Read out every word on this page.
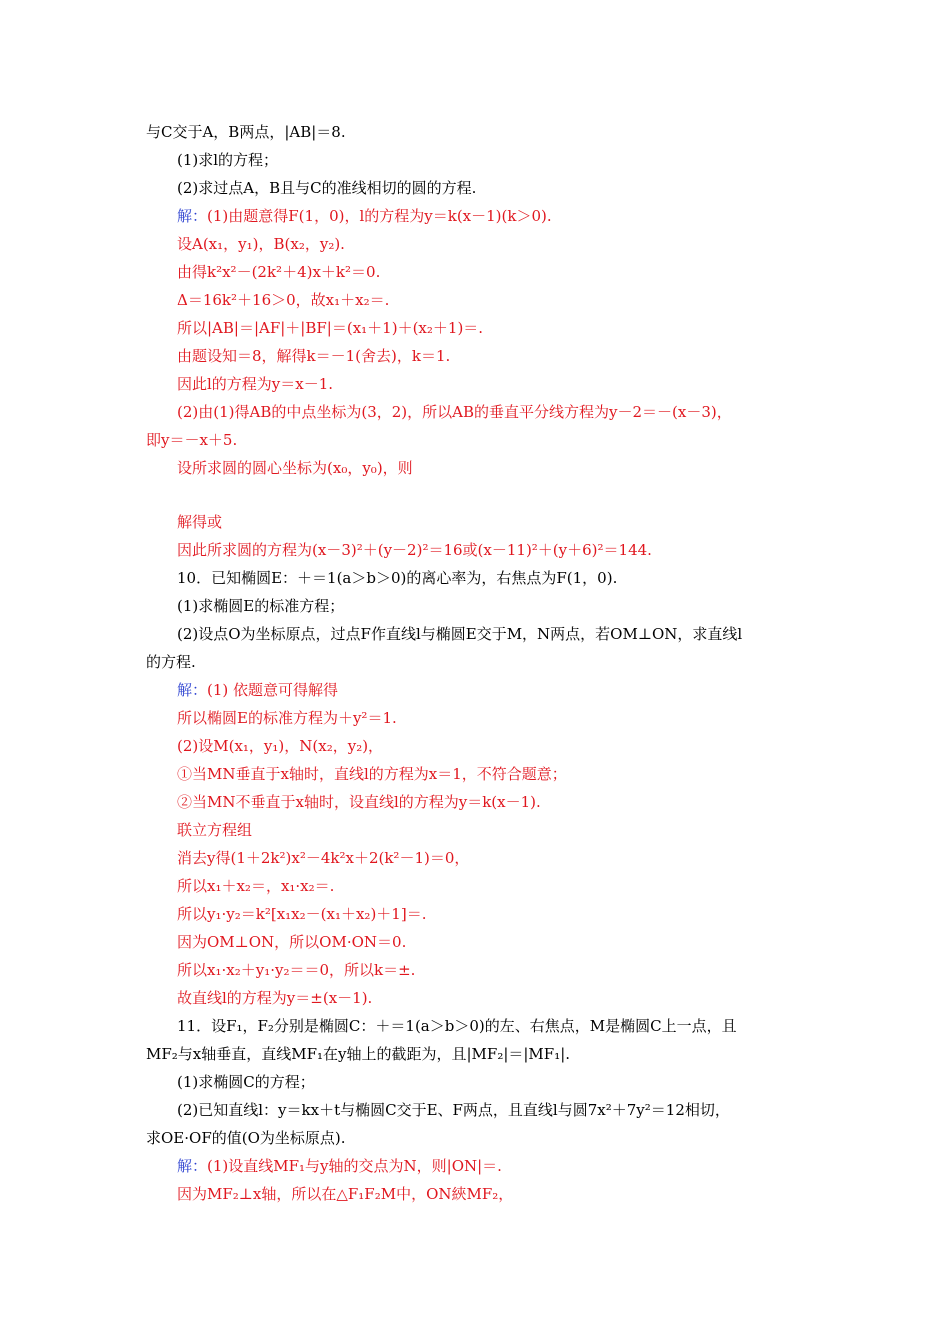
与C交于A，B两点，|AB|＝8.
(1)求l的方程；
(2)求过点A，B且与C的准线相切的圆的方程.
解：(1)由题意得F(1，0)，l的方程为y＝k(x－1)(k＞0).
设A(x₁，y₁)，B(x₂，y₂).
由得k²x²－(2k²＋4)x＋k²＝0.
Δ＝16k²＋16＞0，故x₁＋x₂＝.
所以|AB|＝|AF|＋|BF|＝(x₁＋1)＋(x₂＋1)＝.
由题设知＝8，解得k＝－1(舍去)，k＝1.
因此l的方程为y＝x－1.
(2)由(1)得AB的中点坐标为(3，2)，所以AB的垂直平分线方程为y－2＝－(x－3)，
即y＝－x＋5.
设所求圆的圆心坐标为(x₀，y₀)，则
解得或
因此所求圆的方程为(x－3)²＋(y－2)²＝16或(x－11)²＋(y＋6)²＝144.
10．已知椭圆E：＋＝1(a＞b＞0)的离心率为，右焦点为F(1，0).
(1)求椭圆E的标准方程；
(2)设点O为坐标原点，过点F作直线l与椭圆E交于M，N两点，若OM⊥ON，求直线l
的方程.
解：(1) 依题意可得解得
所以椭圆E的标准方程为＋y²＝1.
(2)设M(x₁，y₁)，N(x₂，y₂)，
①当MN垂直于x轴时，直线l的方程为x＝1，不符合题意；
②当MN不垂直于x轴时，设直线l的方程为y＝k(x－1).
联立方程组
消去y得(1＋2k²)x²－4k²x＋2(k²－1)＝0，
所以x₁＋x₂＝，x₁·x₂＝.
所以y₁·y₂＝k²[x₁x₂－(x₁＋x₂)＋1]＝.
因为OM⊥ON，所以OM·ON＝0.
所以x₁·x₂＋y₁·y₂＝＝0，所以k＝±.
故直线l的方程为y＝±(x－1).
11．设F₁，F₂分别是椭圆C：＋＝1(a＞b＞0)的左、右焦点，M是椭圆C上一点，且
MF₂与x轴垂直，直线MF₁在y轴上的截距为，且|MF₂|＝|MF₁|.
(1)求椭圆C的方程；
(2)已知直线l：y＝kx＋t与椭圆C交于E、F两点，且直线l与圆7x²＋7y²＝12相切，
求OE·OF的值(O为坐标原点).
解：(1)设直线MF₁与y轴的交点为N，则|ON|＝.
因为MF₂⊥x轴，所以在△F₁F₂M中，ON綊MF₂，
